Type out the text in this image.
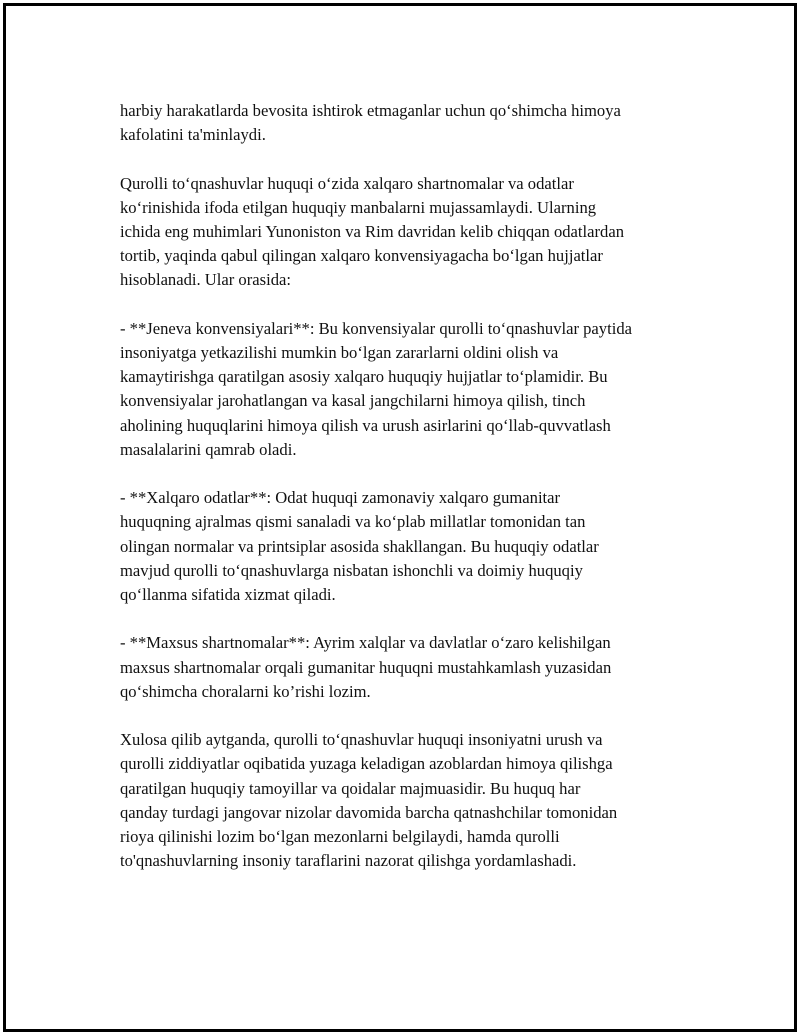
harbiy harakatlarda bevosita ishtirok etmaganlar uchun qo‘shimcha himoya
kafolatini ta'minlaydi.

Qurolli to‘qnashuvlar huquqi o‘zida xalqaro shartnomalar va odatlar
ko‘rinishida ifoda etilgan huquqiy manbalarni mujassamlaydi. Ularning
ichida eng muhimlari Yunoniston va Rim davridan kelib chiqqan odatlardan
tortib, yaqinda qabul qilingan xalqaro konvensiyagacha bo‘lgan hujjatlar
hisoblanadi. Ular orasida:

- **Jeneva konvensiyalari**: Bu konvensiyalar qurolli to‘qnashuvlar paytida
insoniyatga yetkazilishi mumkin bo‘lgan zararlarni oldini olish va
kamaytirishga qaratilgan asosiy xalqaro huquqiy hujjatlar to‘plamidir. Bu
konvensiyalar jarohatlangan va kasal jangchilarni himoya qilish, tinch
aholining huquqlarini himoya qilish va urush asirlarini qo‘llab-quvvatlash
masalalarini qamrab oladi.

- **Xalqaro odatlar**: Odat huquqi zamonaviy xalqaro gumanitar
huquqning ajralmas qismi sanaladi va ko‘plab millatlar tomonidan tan
olingan normalar va printsiplar asosida shakllangan. Bu huquqiy odatlar
mavjud qurolli to‘qnashuvlarga nisbatan ishonchli va doimiy huquqiy
qo‘llanma sifatida xizmat qiladi.

- **Maxsus shartnomalar**: Ayrim xalqlar va davlatlar o‘zaro kelishilgan
maxsus shartnomalar orqali gumanitar huquqni mustahkamlash yuzasidan
qo‘shimcha choralarni ko’rishi lozim.

Xulosa qilib aytganda, qurolli to‘qnashuvlar huquqi insoniyatni urush va
qurolli ziddiyatlar oqibatida yuzaga keladigan azoblardan himoya qilishga
qaratilgan huquqiy tamoyillar va qoidalar majmuasidir. Bu huquq har
qanday turdagi jangovar nizolar davomida barcha qatnashchilar tomonidan
rioya qilinishi lozim bo‘lgan mezonlarni belgilaydi, hamda qurolli
to'qnashuvlarning insoniy taraflarini nazorat qilishga yordamlashadi.
